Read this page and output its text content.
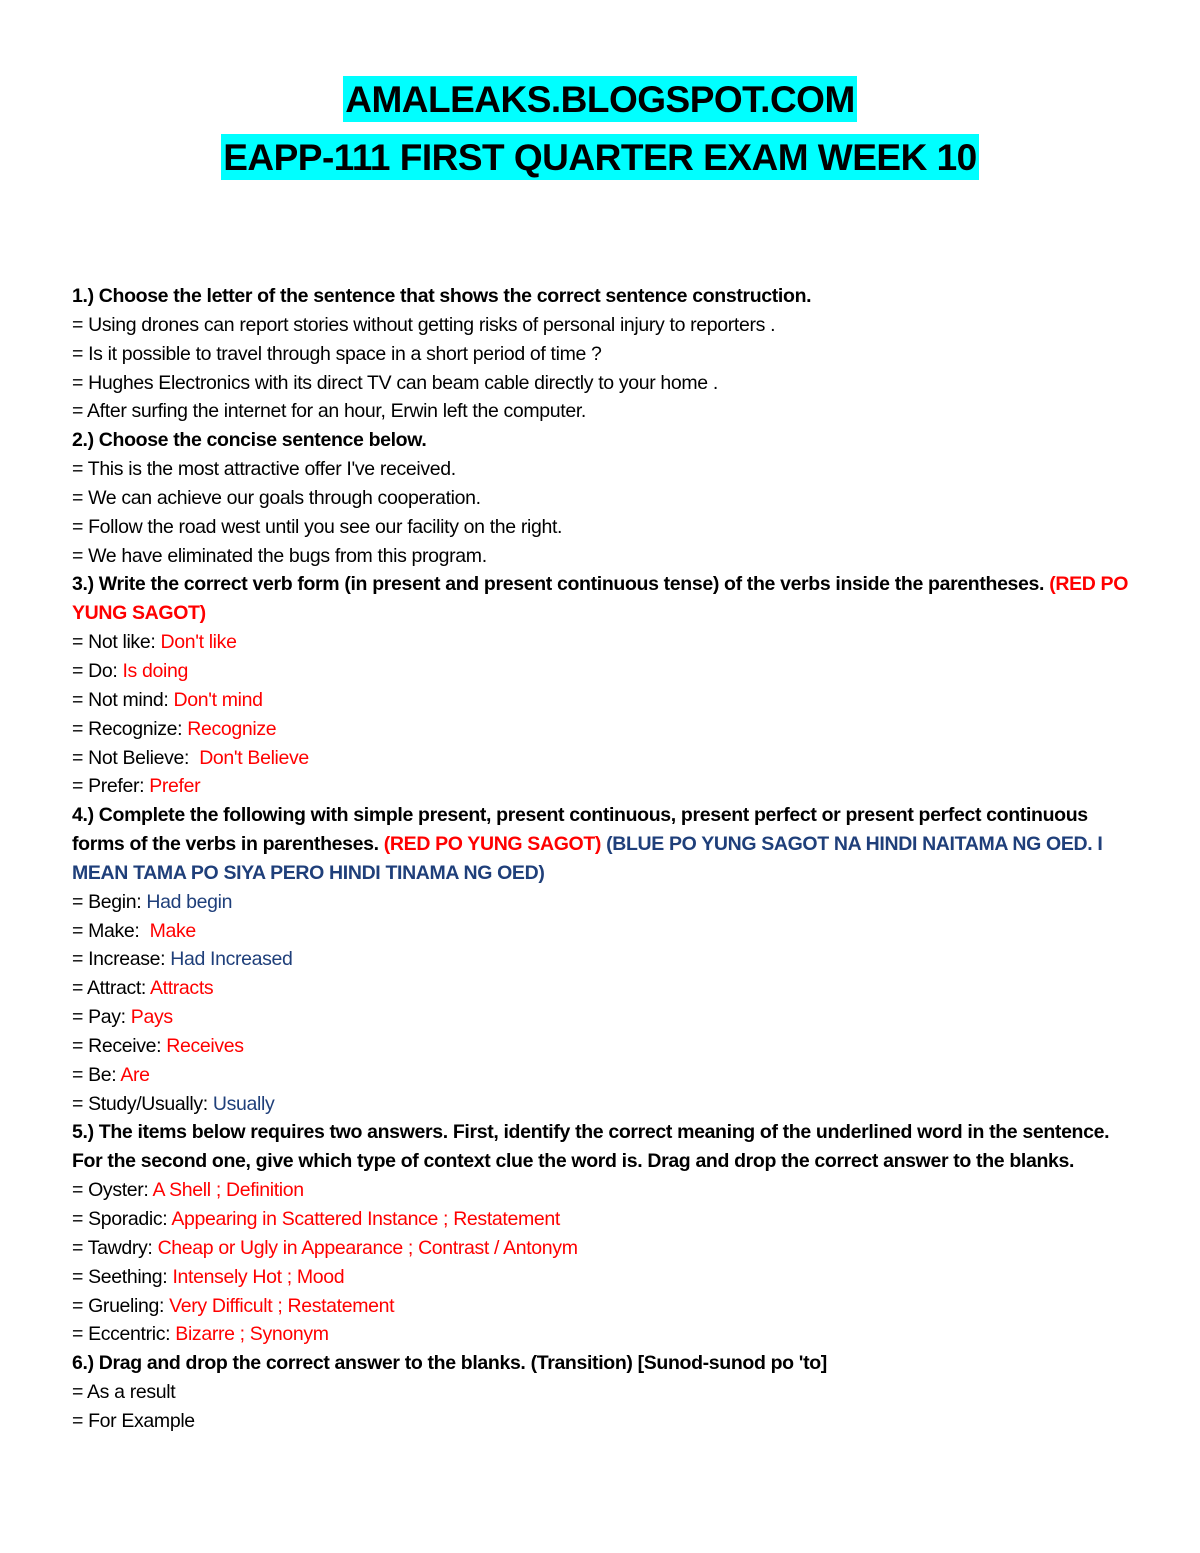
AMALEAKS.BLOGSPOT.COM
EAPP-111 FIRST QUARTER EXAM WEEK 10
1.) Choose the letter of the sentence that shows the correct sentence construction.
= Using drones can report stories without getting risks of personal injury to reporters .
= Is it possible to travel through space in a short period of time ?
= Hughes Electronics with its direct TV can beam cable directly to your home .
= After surfing the internet for an hour, Erwin left the computer.
2.) Choose the concise sentence below.
= This is the most attractive offer I've received.
= We can achieve our goals through cooperation.
= Follow the road west until you see our facility on the right.
= We have eliminated the bugs from this program.
3.) Write the correct verb form (in present and present continuous tense) of the verbs inside the parentheses. (RED PO YUNG SAGOT)
= Not like: Don't like
= Do: Is doing
= Not mind: Don't mind
= Recognize: Recognize
= Not Believe:  Don't Believe
= Prefer: Prefer
4.) Complete the following with simple present, present continuous, present perfect or present perfect continuous forms of the verbs in parentheses. (RED PO YUNG SAGOT) (BLUE PO YUNG SAGOT NA HINDI NAITAMA NG OED. I MEAN TAMA PO SIYA PERO HINDI TINAMA NG OED)
= Begin: Had begin
= Make:  Make
= Increase: Had Increased
= Attract: Attracts
= Pay: Pays
= Receive: Receives
= Be: Are
= Study/Usually: Usually
5.) The items below requires two answers. First, identify the correct meaning of the underlined word in the sentence. For the second one, give which type of context clue the word is. Drag and drop the correct answer to the blanks.
= Oyster: A Shell ; Definition
= Sporadic: Appearing in Scattered Instance ; Restatement
= Tawdry: Cheap or Ugly in Appearance ; Contrast / Antonym
= Seething: Intensely Hot ; Mood
= Grueling: Very Difficult ; Restatement
= Eccentric: Bizarre ; Synonym
6.) Drag and drop the correct answer to the blanks. (Transition) [Sunod-sunod po 'to]
= As a result
= For Example
